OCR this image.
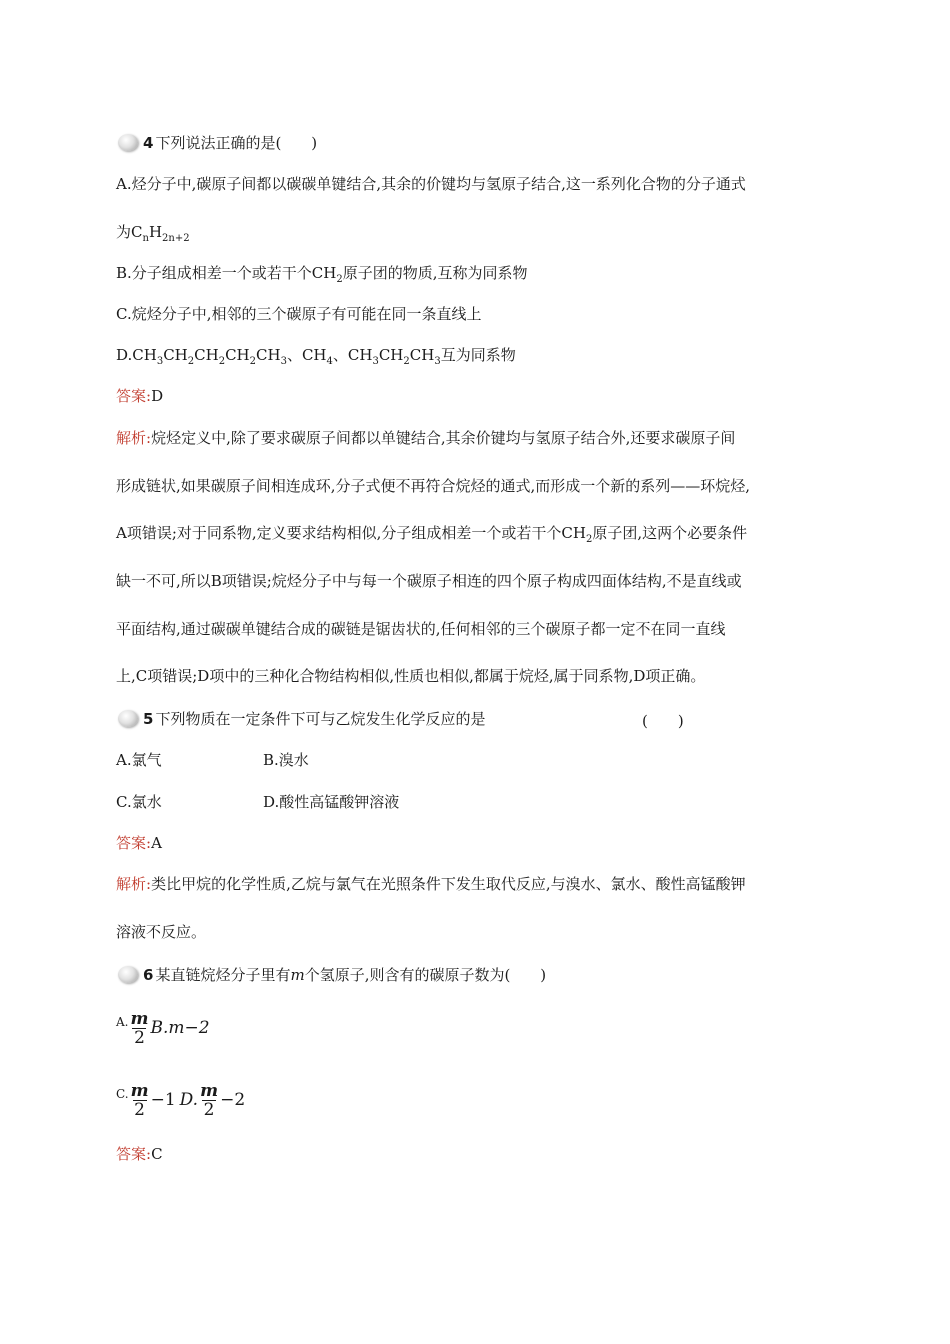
4 下列说法正确的是(　　)
A.烃分子中,碳原子间都以碳碳单键结合,其余的价键均与氢原子结合,这一系列化合物的分子通式
为$C_nH_{2n+2}$
B.分子组成相差一个或若干个$CH_2$原子团的物质,互称为同系物
C.烷烃分子中,相邻的三个碳原子有可能在同一条直线上
$D.CH_3CH_2CH_2CH_2CH_3$、$CH_4$、$CH_3CH_2CH_3$互为同系物
答案:D
解析:烷烃定义中,除了要求碳原子间都以单键结合,其余价键均与氢原子结合外,还要求碳原子间
形成链状,如果碳原子间相连成环,分子式便不再符合烷烃的通式,而形成一个新的系列——环烷烃,
A项错误;对于同系物,定义要求结构相似,分子组成相差一个或若干个$CH_2$原子团,这两个必要条件
缺一不可,所以B项错误;烷烃分子中与每一个碳原子相连的四个原子构成四面体结构,不是直线或
平面结构,通过碳碳单键结合成的碳链是锯齿状的,任何相邻的三个碳原子都一定不在同一直线
上,C项错误;D项中的三种化合物结构相似,性质也相似,都属于烷烃,属于同系物,D项正确。
5 下列物质在一定条件下可与乙烷发生化学反应的是	(　　)
A.氯气	B.溴水
C.氯水	D.酸性高锰酸钾溶液
答案:A
解析:类比甲烷的化学性质,乙烷与氯气在光照条件下发生取代反应,与溴水、氯水、酸性高锰酸钾
溶液不反应。
6 某直链烷烃分子里有 m 个氢原子,则含有的碳原子数为(　　)
A. $\frac{m}{2} B.m-2$
C. $\frac{m}{2} -1$ D. $\frac{m}{2} -2$
答案:C
